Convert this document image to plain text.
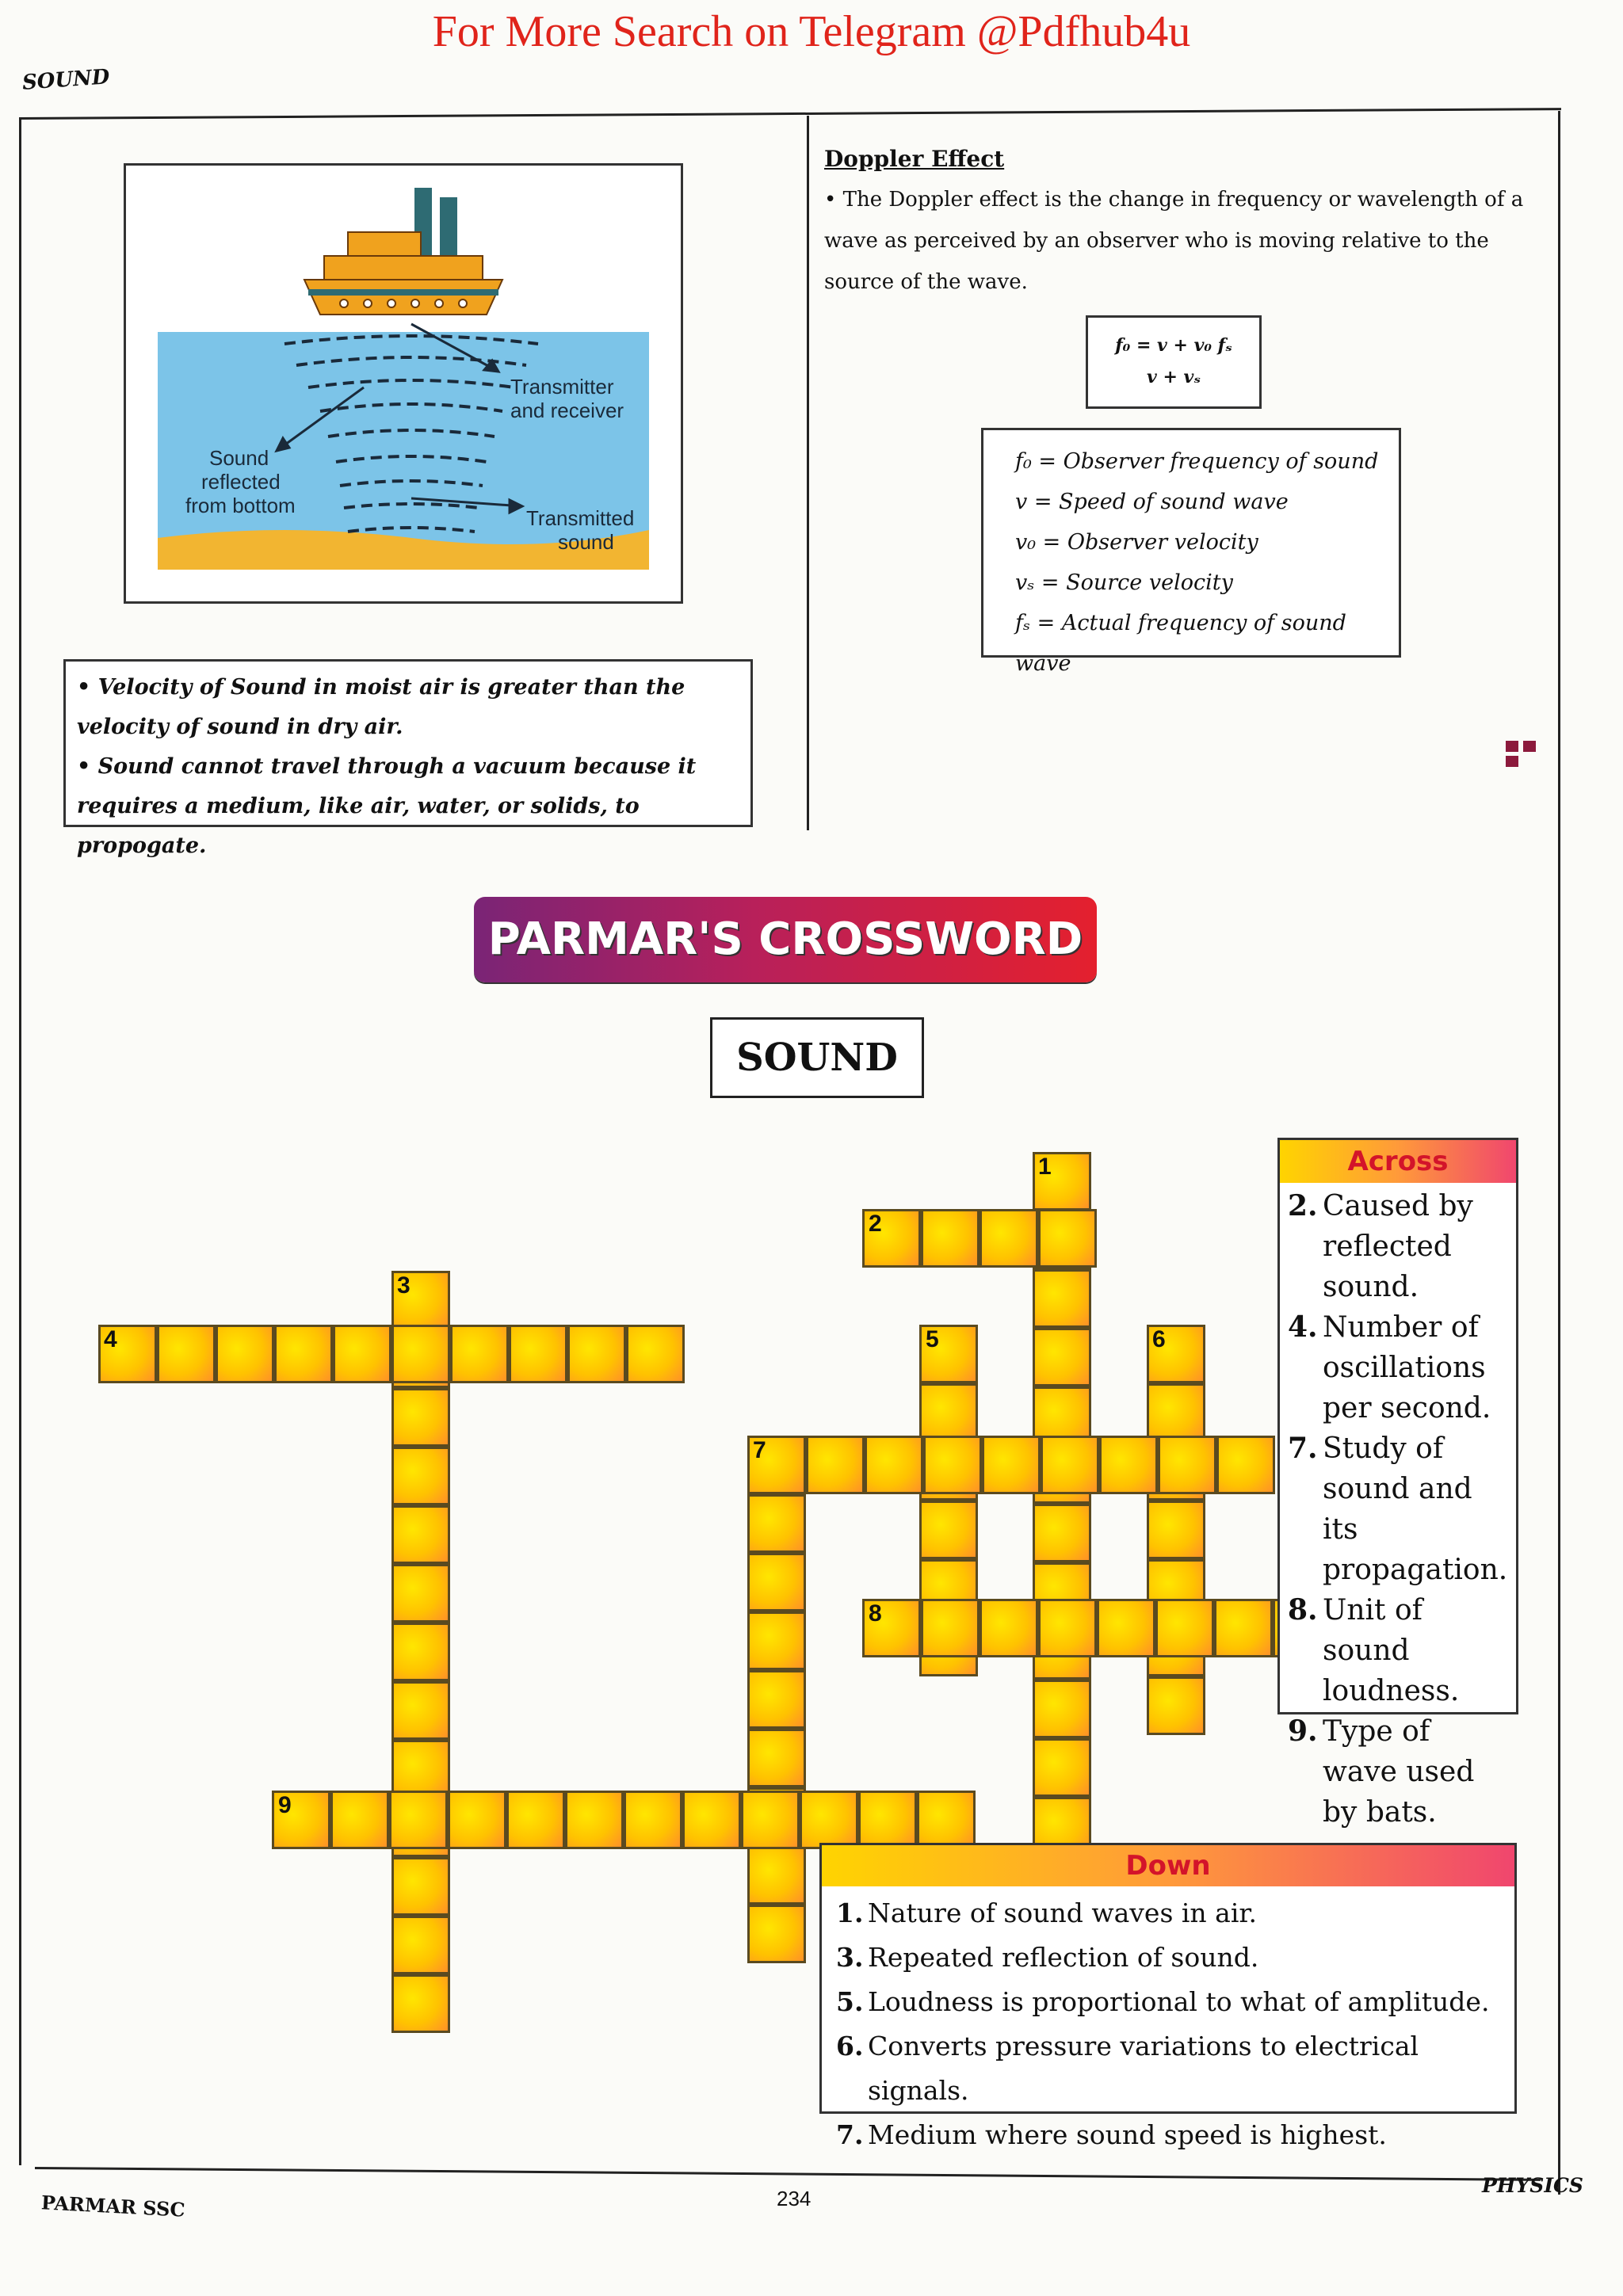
For More Search on Telegram @Pdfhub4u
SOUND
Transmitter
and receiver
Sound
reflected
from bottom
Transmitted
sound
• Velocity of Sound in moist air is greater than the velocity of sound in dry air.
• Sound cannot travel through a vacuum because it requires a medium, like air, water, or solids, to propogate.
Doppler Effect
• The Doppler effect is the change in frequency or wavelength of a wave as perceived by an observer who is moving relative to the source of the wave.
f₀ = v + v₀ fₛ
v + vₛ
f₀ = Observer frequency of sound
v = Speed of sound wave
v₀ = Observer velocity
vₛ = Source velocity
fₛ = Actual frequency of sound wave
PARMAR'S CROSSWORD
SOUND
1
2
3
4	5	6
7
8
9
Across
2. Caused by reflected sound.
4. Number of oscillations per second.
7. Study of sound and its propagation.
8. Unit of sound loudness.
9. Type of wave used by bats.
Down
1. Nature of sound waves in air.
3. Repeated reflection of sound.
5. Loudness is proportional to what of amplitude.
6. Converts pressure variations to electrical signals.
7. Medium where sound speed is highest.
PARMAR SSC	234
PHYSICS
